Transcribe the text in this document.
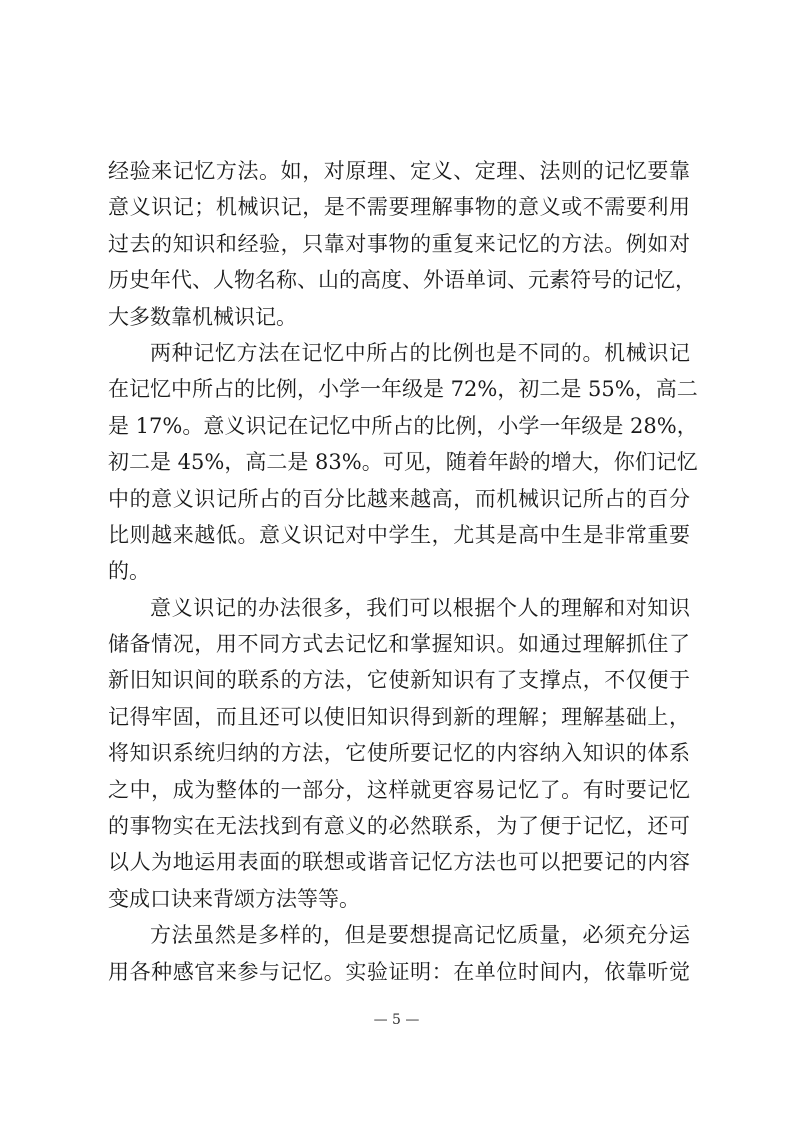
经验来记忆方法。如，对原理、定义、定理、法则的记忆要靠
意义识记；机械识记，是不需要理解事物的意义或不需要利用
过去的知识和经验，只靠对事物的重复来记忆的方法。例如对
历史年代、人物名称、山的高度、外语单词、元素符号的记忆，
大多数靠机械识记。
两种记忆方法在记忆中所占的比例也是不同的。机械识记
在记忆中所占的比例，小学一年级是 72%，初二是 55%，高二
是 17%。意义识记在记忆中所占的比例，小学一年级是 28%，
初二是 45%，高二是 83%。可见，随着年龄的增大，你们记忆
中的意义识记所占的百分比越来越高，而机械识记所占的百分
比则越来越低。意义识记对中学生，尤其是高中生是非常重要
的。
意义识记的办法很多，我们可以根据个人的理解和对知识
储备情况，用不同方式去记忆和掌握知识。如通过理解抓住了
新旧知识间的联系的方法，它使新知识有了支撑点，不仅便于
记得牢固，而且还可以使旧知识得到新的理解；理解基础上，
将知识系统归纳的方法，它使所要记忆的内容纳入知识的体系
之中，成为整体的一部分，这样就更容易记忆了。有时要记忆
的事物实在无法找到有意义的必然联系，为了便于记忆，还可
以人为地运用表面的联想或谐音记忆方法也可以把要记的内容
变成口诀来背颂方法等等。
方法虽然是多样的，但是要想提高记忆质量，必须充分运
用各种感官来参与记忆。实验证明：在单位时间内，依靠听觉
— 5 —
